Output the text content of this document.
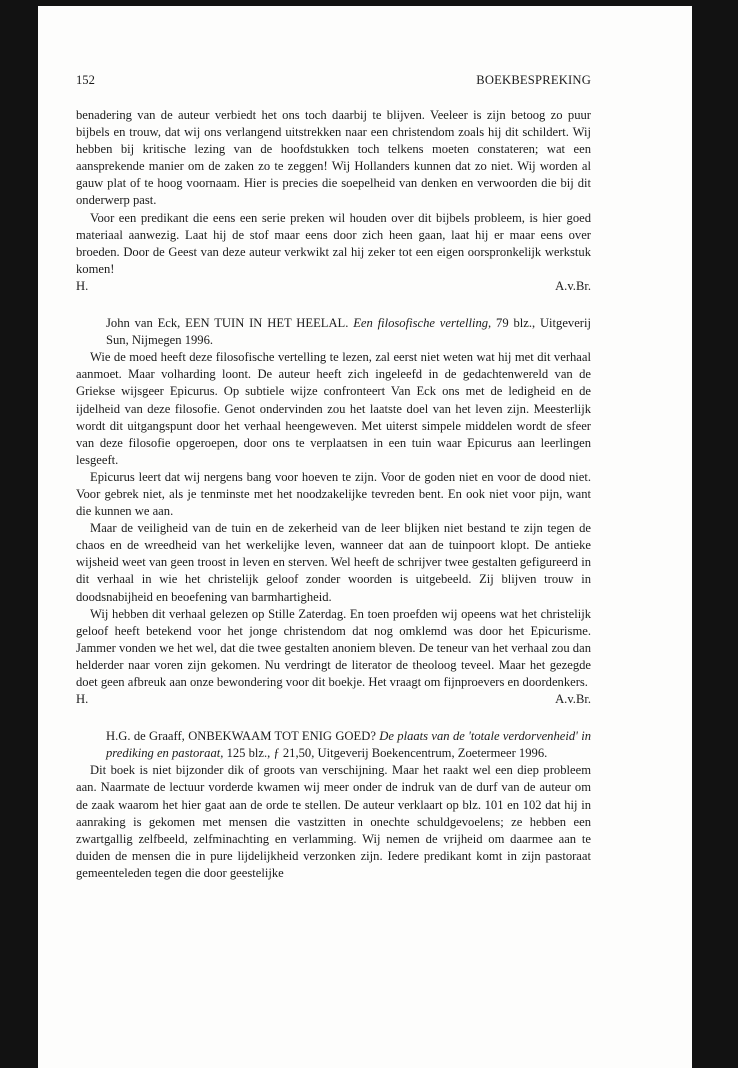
152	BOEKBESPREKING

benadering van de auteur verbiedt het ons toch daarbij te blijven. Veeleer is zijn betoog zo puur bijbels en trouw, dat wij ons verlangend uitstrekken naar een christendom zoals hij dit schildert. Wij hebben bij kritische lezing van de hoofdstukken toch telkens moeten constateren; wat een aansprekende manier om de zaken zo te zeggen! Wij Hollanders kunnen dat zo niet. Wij worden al gauw plat of te hoog voornaam. Hier is precies die soepelheid van denken en verwoorden die bij dit onderwerp past.

Voor een predikant die eens een serie preken wil houden over dit bijbels probleem, is hier goed materiaal aanwezig. Laat hij de stof maar eens door zich heen gaan, laat hij er maar eens over broeden. Door de Geest van deze auteur verkwikt zal hij zeker tot een eigen oorspronkelijk werkstuk komen!

H.	A.v.Br.

John van Eck, EEN TUIN IN HET HEELAL. Een filosofische vertelling, 79 blz., Uitgeverij Sun, Nijmegen 1996.

Wie de moed heeft deze filosofische vertelling te lezen, zal eerst niet weten wat hij met dit verhaal aanmoet. Maar volharding loont. De auteur heeft zich ingeleefd in de gedachtenwereld van de Griekse wijsgeer Epicurus. Op subtiele wijze confronteert Van Eck ons met de ledigheid en de ijdelheid van deze filosofie. Genot ondervinden zou het laatste doel van het leven zijn. Meesterlijk wordt dit uitgangspunt door het verhaal heengeweven. Met uiterst simpele middelen wordt de sfeer van deze filosofie opgeroepen, door ons te verplaatsen in een tuin waar Epicurus aan leerlingen lesgeeft.

Epicurus leert dat wij nergens bang voor hoeven te zijn. Voor de goden niet en voor de dood niet. Voor gebrek niet, als je tenminste met het noodzakelijke tevreden bent. En ook niet voor pijn, want die kunnen we aan.

Maar de veiligheid van de tuin en de zekerheid van de leer blijken niet bestand te zijn tegen de chaos en de wreedheid van het werkelijke leven, wanneer dat aan de tuinpoort klopt. De antieke wijsheid weet van geen troost in leven en sterven. Wel heeft de schrijver twee gestalten gefigureerd in dit verhaal in wie het christelijk geloof zonder woorden is uitgebeeld. Zij blijven trouw in doodsnabijheid en beoefening van barmhartigheid.

Wij hebben dit verhaal gelezen op Stille Zaterdag. En toen proefden wij opeens wat het christelijk geloof heeft betekend voor het jonge christendom dat nog omklemd was door het Epicurisme. Jammer vonden we het wel, dat die twee gestalten anoniem bleven. De teneur van het verhaal zou dan helderder naar voren zijn gekomen. Nu verdringt de literator de theoloog teveel. Maar het gezegde doet geen afbreuk aan onze bewondering voor dit boekje. Het vraagt om fijnproevers en doordenkers.

H.	A.v.Br.

H.G. de Graaff, ONBEKWAAM TOT ENIG GOED? De plaats van de 'totale verdorvenheid' in prediking en pastoraat, 125 blz., ƒ 21,50, Uitgeverij Boekencentrum, Zoetermeer 1996.

Dit boek is niet bijzonder dik of groots van verschijning. Maar het raakt wel een diep probleem aan. Naarmate de lectuur vorderde kwamen wij meer onder de indruk van de durf van de auteur om de zaak waarom het hier gaat aan de orde te stellen. De auteur verklaart op blz. 101 en 102 dat hij in aanraking is gekomen met mensen die vastzitten in onechte schuldgevoelens; ze hebben een zwartgallig zelfbeeld, zelfminachting en verlamming. Wij nemen de vrijheid om daarmee aan te duiden de mensen die in pure lijdelijkheid verzonken zijn. Iedere predikant komt in zijn pastoraat gemeenteleden tegen die door geestelijke
